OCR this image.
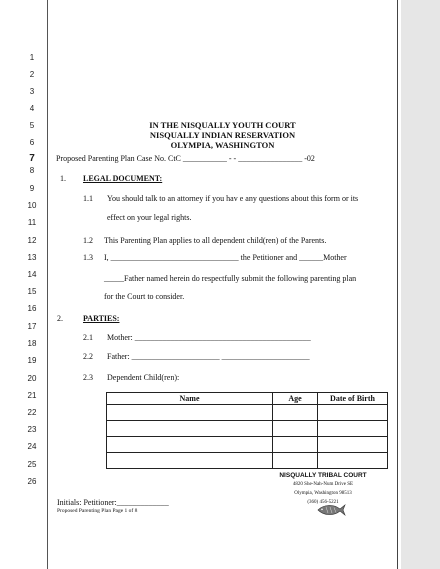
1
2
3
4
5
6
7
8
9
10
11
12
13
14
15
16
17
18
19
20
21
22
23
24
25
26
IN THE NISQUALLY YOUTH COURT
NISQUALLY INDIAN RESERVATION
OLYMPIA, WASHINGTON
Proposed Parenting Plan Case No. CtC ___________ - - ________________ -02
1. LEGAL DOCUMENT:
1.1 You should talk to an attorney if you hav e any questions about this form or its
effect on your legal rights.
1.2 This Parenting Plan applies to all dependent child(ren) of the Parents.
1.3 I, ________________________________ the Petitioner and ______Mother
_____Father named herein do respectfully submit the following parenting plan
for the Court to consider.
2.	PARTIES:
2.1 Mother: ____________________________________________
2.2 Father: ______________________ ______________________
2.3 Dependent Child(ren):
Name	Age	Date of Birth

Initials: Petitioner:_____________
Proposed Parenting Plan Page 1 of 8
NISQUALLY TRIBAL COURT
4820 She-Nah-Num Drive SE
Olympia, Washington 98513
(360) 456-5221
